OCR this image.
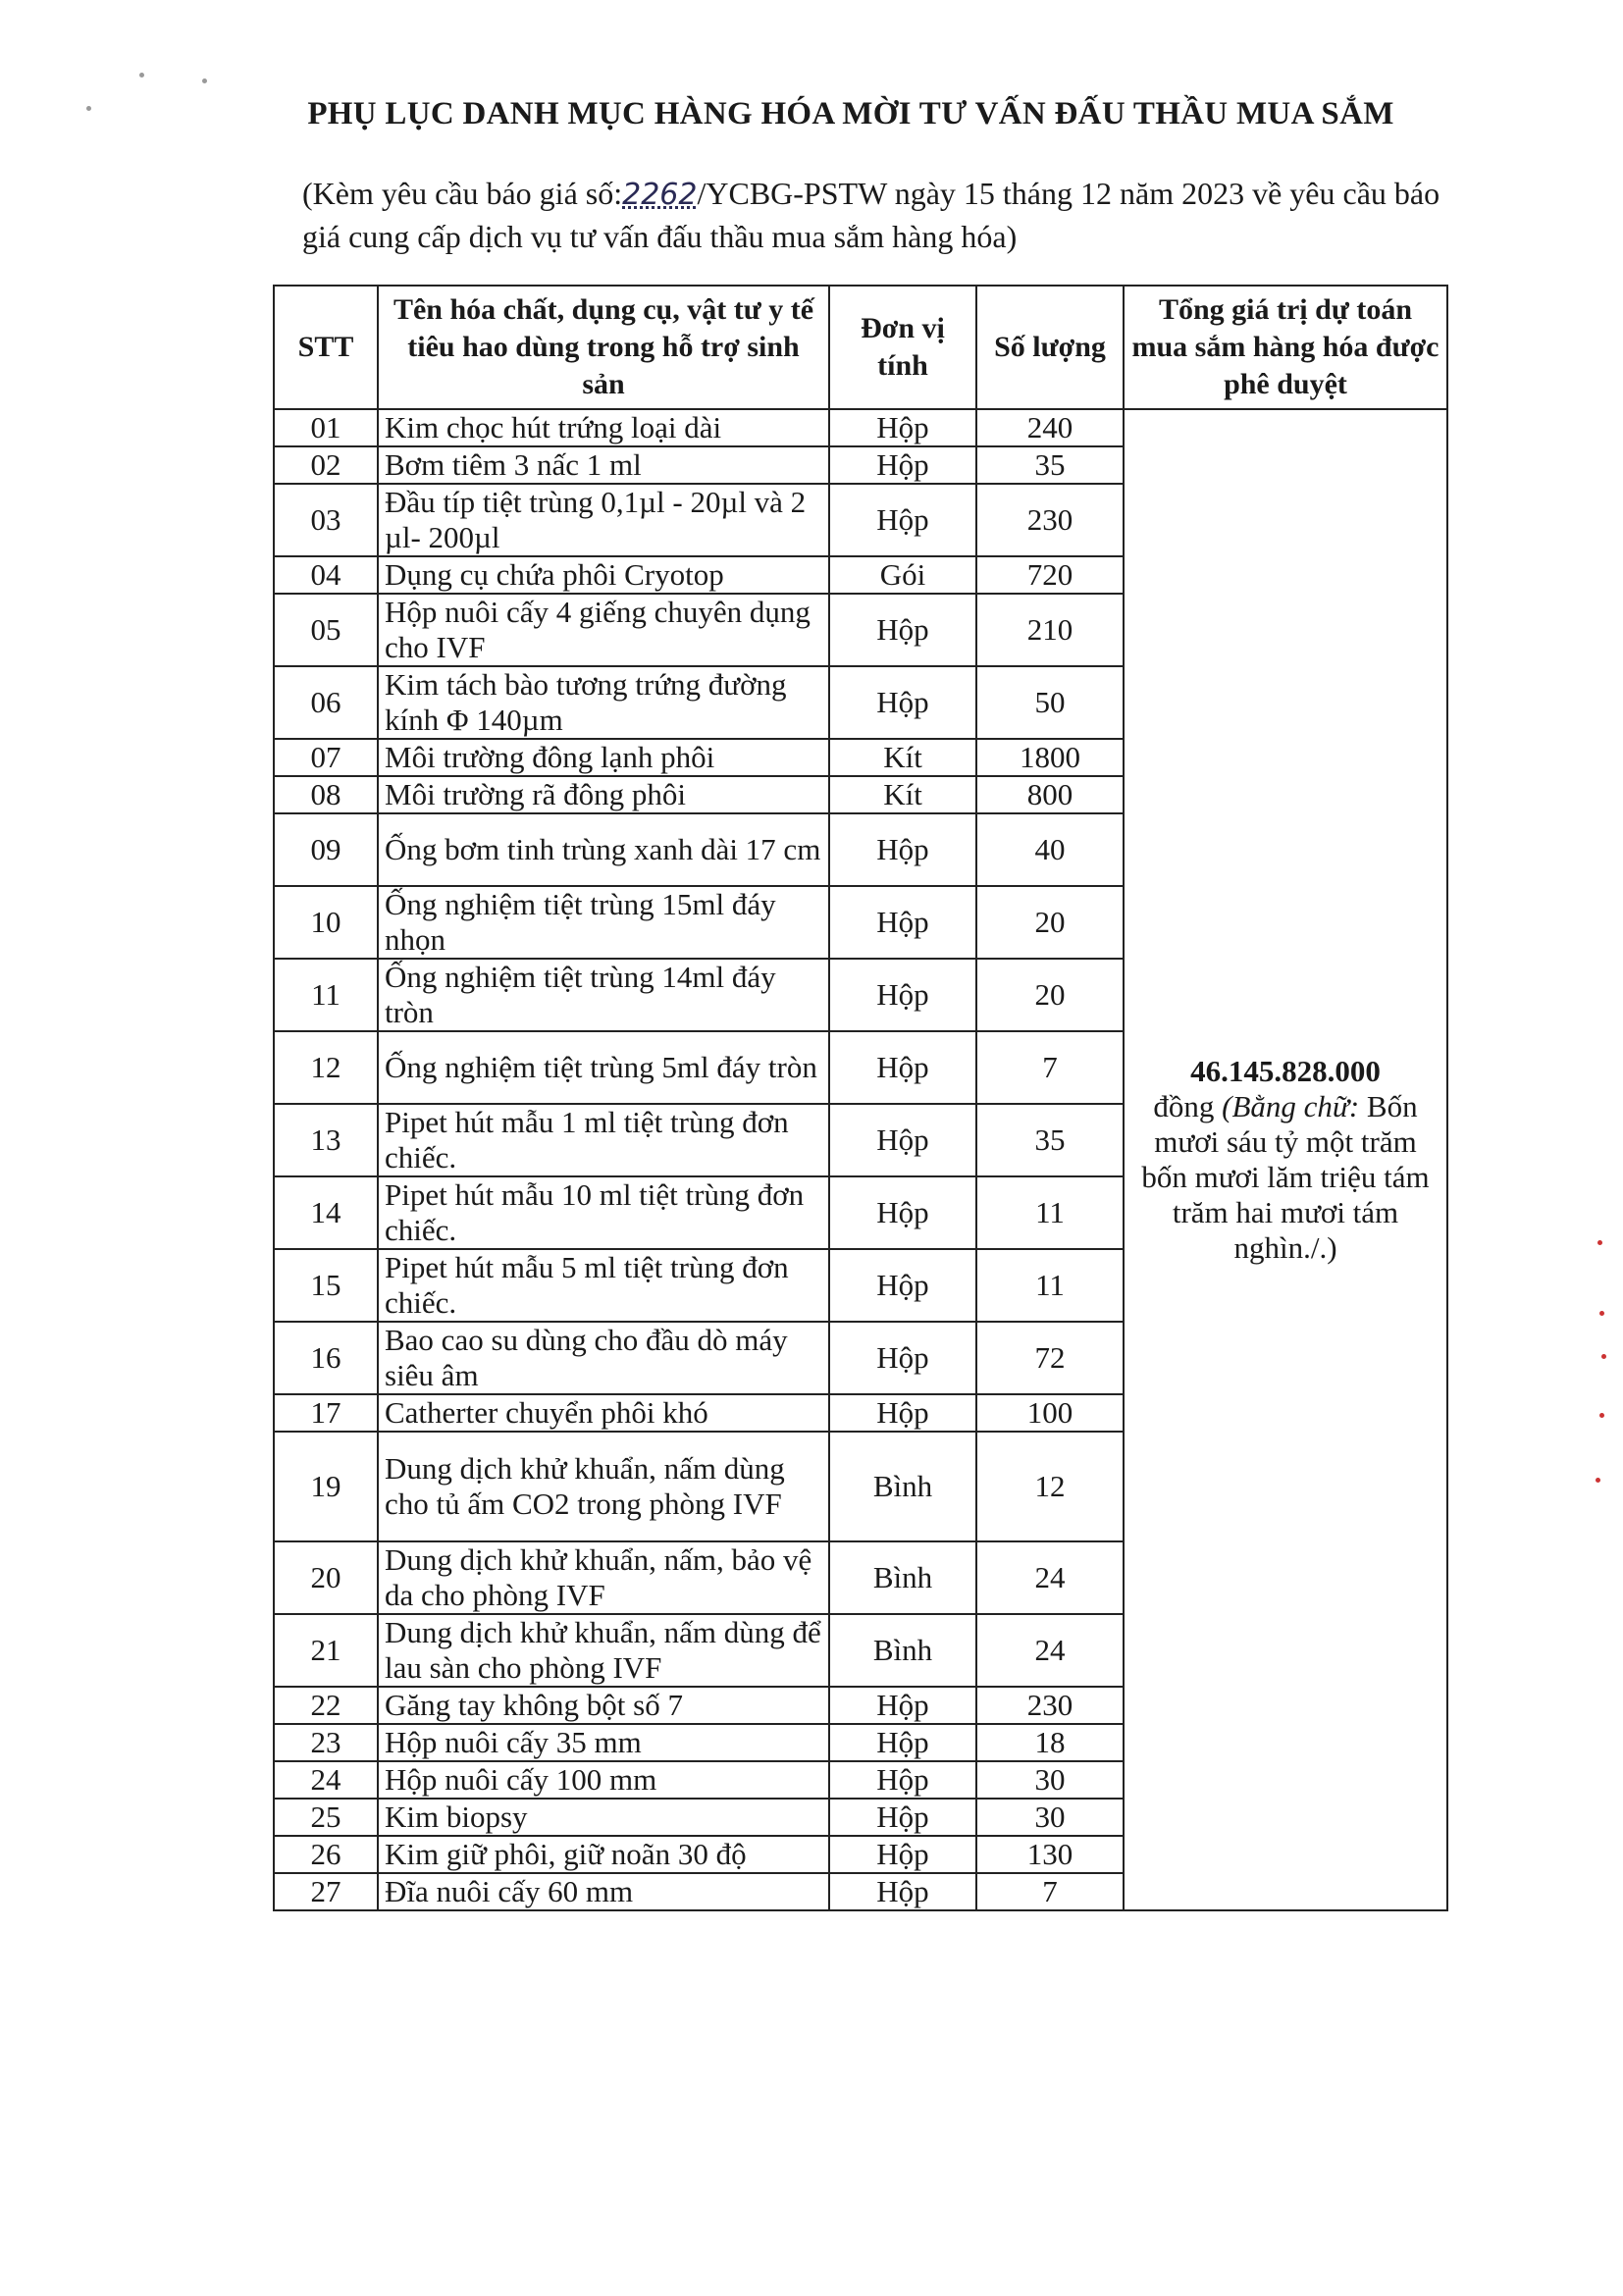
PHỤ LỤC DANH MỤC HÀNG HÓA MỜI TƯ VẤN ĐẤU THẦU MUA SẮM
(Kèm yêu cầu báo giá số:2262/YCBG-PSTW ngày 15 tháng 12 năm 2023 về yêu cầu báo giá cung cấp dịch vụ tư vấn đấu thầu mua sắm hàng hóa)
STT	Tên hóa chất, dụng cụ, vật tư y tế tiêu hao dùng trong hỗ trợ sinh sản	Đơn vị tính	Số lượng	Tổng giá trị dự toán mua sắm hàng hóa được phê duyệt
01	Kim chọc hút trứng loại dài	Hộp	240	46.145.828.000
đồng (Bằng chữ: Bốn mươi sáu tỷ một trăm bốn mươi lăm triệu tám trăm hai mươi tám nghìn./.)
02	Bơm tiêm 3 nấc 1 ml	Hộp	35	
03	Đầu típ tiệt trùng 0,1µl - 20µl và 2 µl- 200µl	Hộp	230	
04	Dụng cụ chứa phôi Cryotop	Gói	720	
05	Hộp nuôi cấy 4 giếng chuyên dụng cho IVF	Hộp	210	
06	Kim tách bào tương trứng đường kính Φ 140µm	Hộp	50	
07	Môi trường đông lạnh phôi	Kít	1800	
08	Môi trường rã đông phôi	Kít	800	
09	Ống bơm tinh trùng xanh dài 17 cm	Hộp	40	
10	Ống nghiệm tiệt trùng 15ml đáy nhọn	Hộp	20	
11	Ống nghiệm tiệt trùng 14ml đáy tròn	Hộp	20	
12	Ống nghiệm tiệt trùng 5ml đáy tròn	Hộp	7	
13	Pipet hút mẫu 1 ml tiệt trùng đơn chiếc.	Hộp	35	
14	Pipet hút mẫu 10 ml tiệt trùng đơn chiếc.	Hộp	11	
15	Pipet hút mẫu 5 ml tiệt trùng đơn chiếc.	Hộp	11	
16	Bao cao su dùng cho đầu dò máy siêu âm	Hộp	72	
17	Catherter chuyển phôi khó	Hộp	100	
19	Dung dịch khử khuẩn, nấm dùng cho tủ ấm CO2 trong phòng IVF	Bình	12	
20	Dung dịch khử khuẩn, nấm, bảo vệ da cho phòng IVF	Bình	24	
21	Dung dịch khử khuẩn, nấm dùng để lau sàn cho phòng IVF	Bình	24	
22	Găng tay không bột số 7	Hộp	230	
23	Hộp nuôi cấy 35 mm	Hộp	18	
24	Hộp nuôi cấy 100 mm	Hộp	30	
25	Kim biopsy	Hộp	30	
26	Kim giữ phôi, giữ noãn 30 độ	Hộp	130	
27	Đĩa nuôi cấy 60 mm	Hộp	7	
